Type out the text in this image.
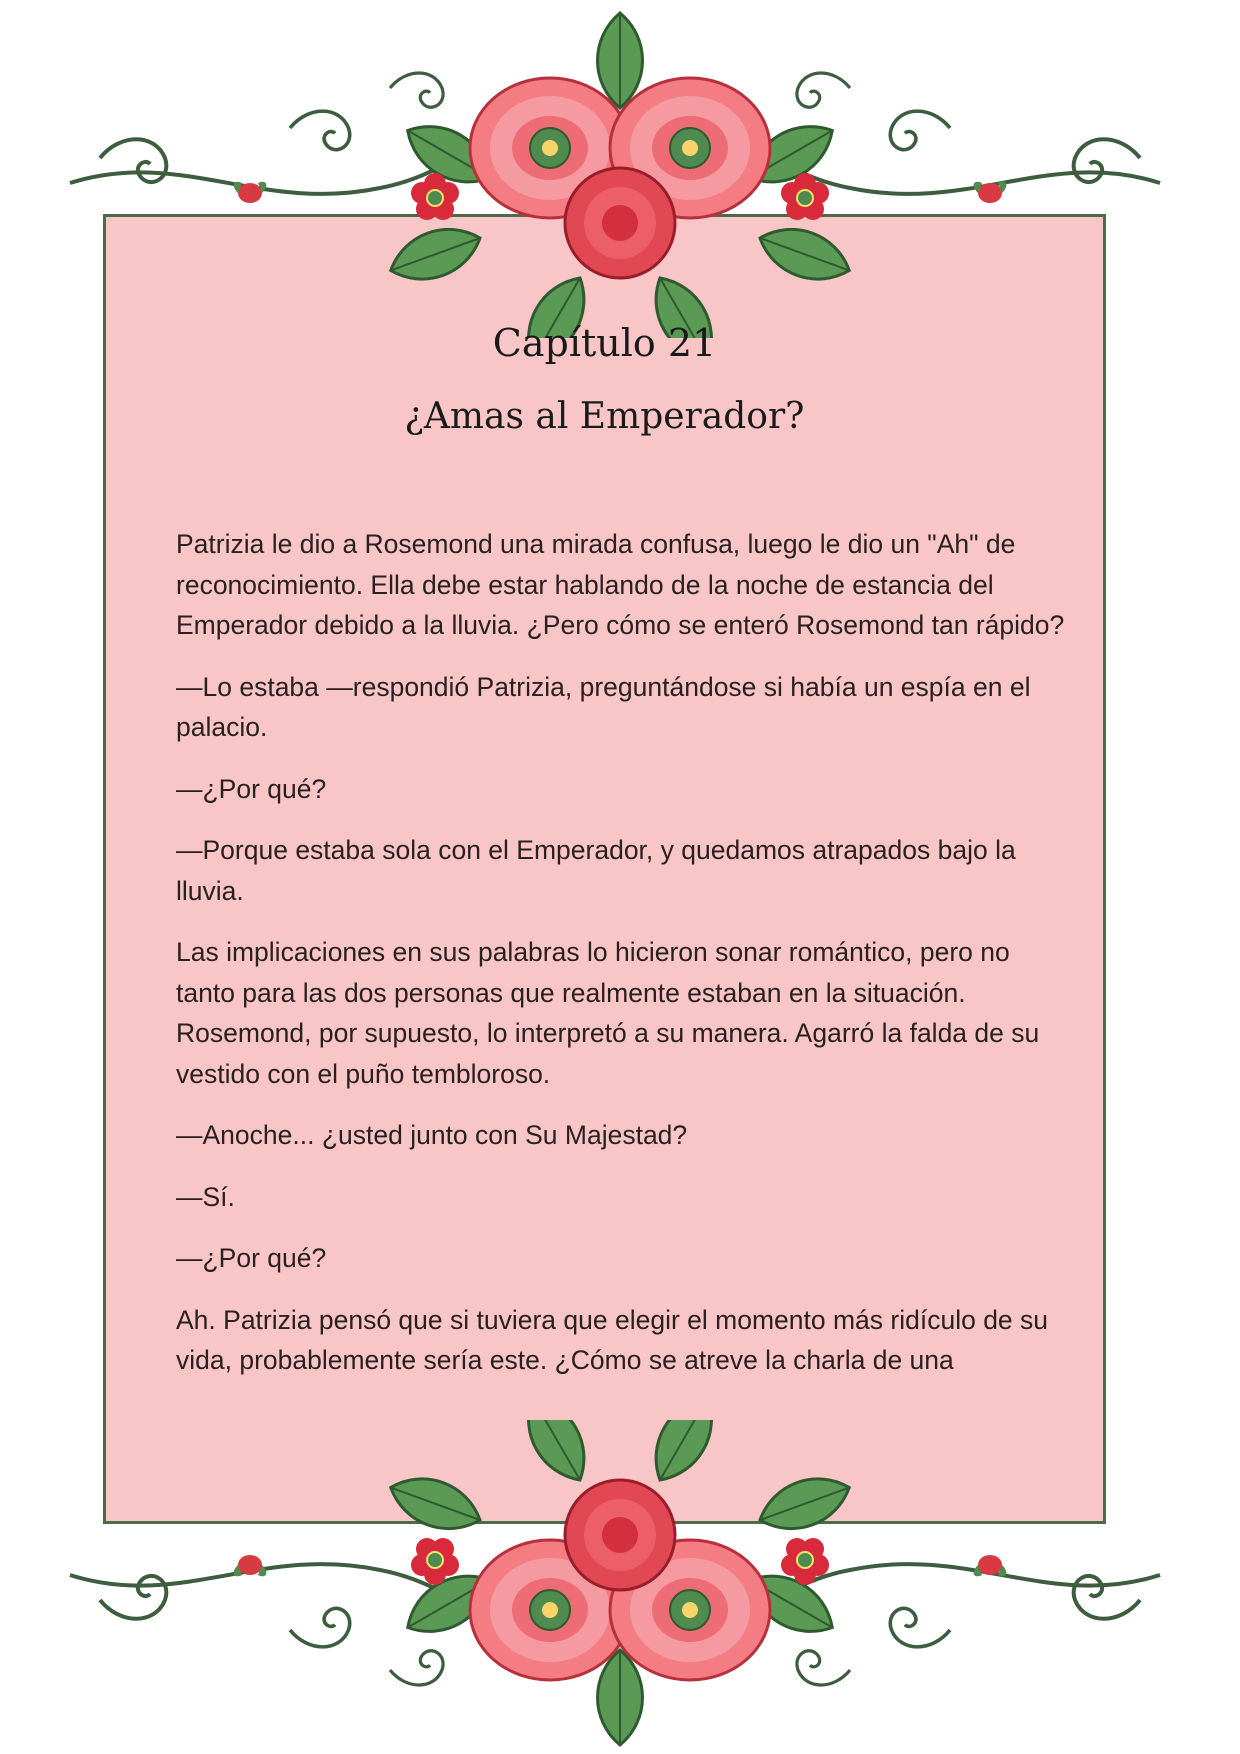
Capítulo 21
¿Amas al Emperador?

Patrizia le dio a Rosemond una mirada confusa, luego le dio un "Ah" de reconocimiento. Ella debe estar hablando de la noche de estancia del Emperador debido a la lluvia. ¿Pero cómo se enteró Rosemond tan rápido?

—Lo estaba —respondió Patrizia, preguntándose si había un espía en el palacio.

—¿Por qué?

—Porque estaba sola con el Emperador, y quedamos atrapados bajo la lluvia.

Las implicaciones en sus palabras lo hicieron sonar romántico, pero no tanto para las dos personas que realmente estaban en la situación. Rosemond, por supuesto, lo interpretó a su manera. Agarró la falda de su vestido con el puño tembloroso.

—Anoche... ¿usted junto con Su Majestad?

—Sí.

—¿Por qué?

Ah. Patrizia pensó que si tuviera que elegir el momento más ridículo de su vida, probablemente sería este. ¿Cómo se atreve la charla de una
